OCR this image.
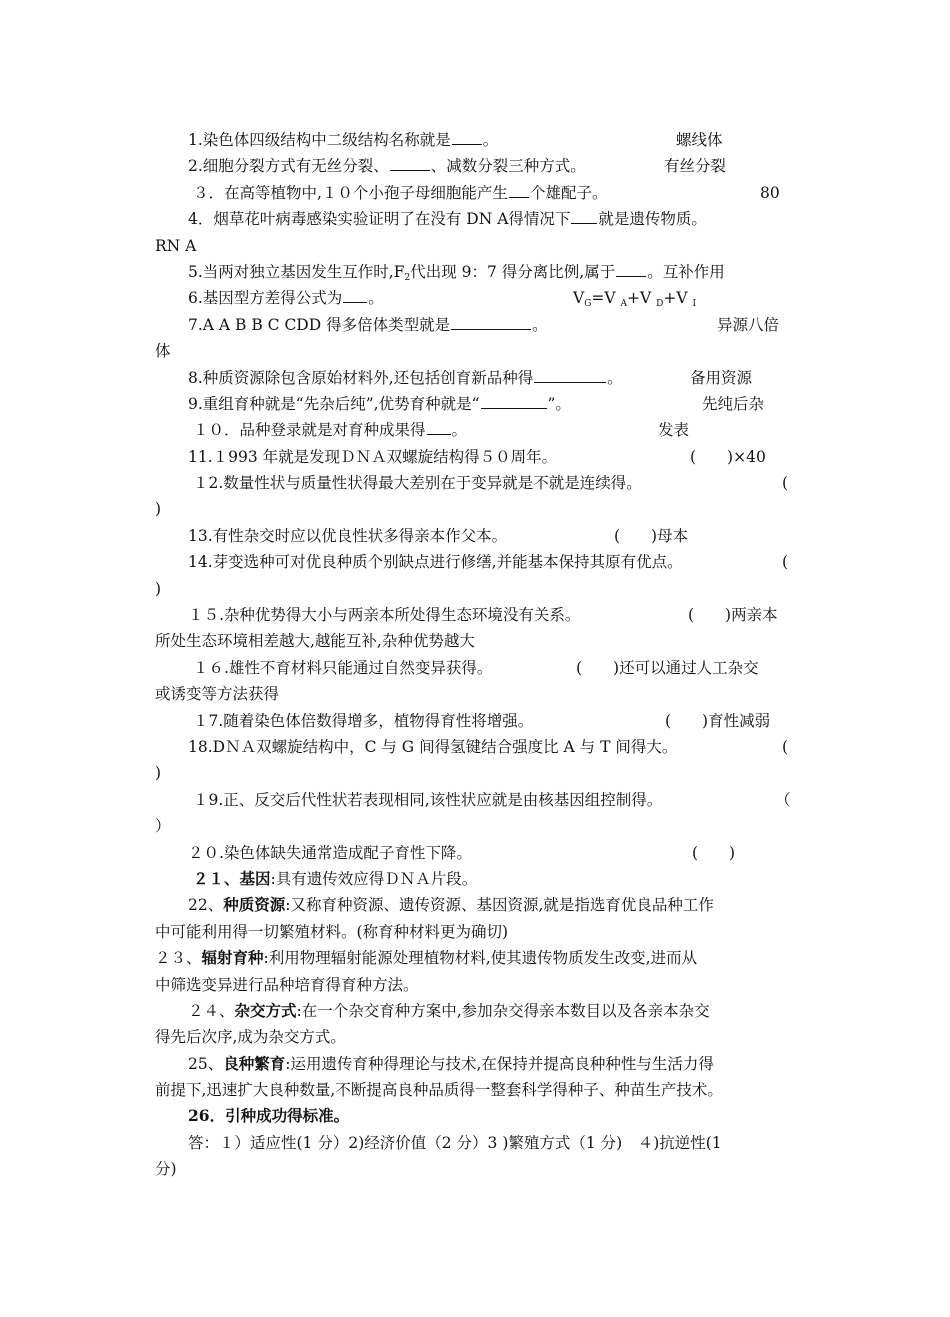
1.染色体四级结构中二级结构名称就是 。	螺线体
2.细胞分裂方式有无丝分裂、	、减数分裂三种方式。	有丝分裂
３．在高等植物中,１０个小孢子母细胞能产生 个雄配子。	80
4．烟草花叶病毒感染实验证明了在没有 DN A得情况下 就是遗传物质。
RN A
5.当两对独立基因发生互作时$,F_2$代出现 9：7 得分离比例,属于 。互补作用
6.基因型方差得公式为 。	$V_G=V$ $_A$+V $_D$+V $_I$
7.A A B B C CDD 得多倍体类型就是	。	异源八倍
体
8.种质资源除包含原始材料外,还包括创育新品种得	。	备用资源
9.重组育种就是“先杂后纯”,优势育种就是“	”。	先纯后杂
１０．品种登录就是对育种成果得 。	发表
11.１993 年就是发现ＤＮＡ双螺旋结构得５０周年。	(　　)×40
１2.数量性状与质量性状得最大差别在于变异就是不就是连续得。	(
)
13.有性杂交时应以优良性状多得亲本作父本。	(　　)母本
14.芽变选种可对优良种质个别缺点进行修缮,并能基本保持其原有优点。	(
)
１５.杂种优势得大小与两亲本所处得生态环境没有关系。	(　　)两亲本
所处生态环境相差越大,越能互补,杂种优势越大
１６.雄性不育材料只能通过自然变异获得。	(　　)还可以通过人工杂交
或诱变等方法获得
１7.随着染色体倍数得增多，植物得育性将增强。	(　　)育性减弱
18.DＮＡ双螺旋结构中，C 与 G 间得氢键结合强度比 A 与 T 间得大。	(
)
１9.正、反交后代性状若表现相同,该性状应就是由核基因组控制得。	（
）
２０.染色体缺失通常造成配子育性下降。	(　　)
２１、基因:具有遗传效应得ＤＮＡ片段。
22、种质资源:又称育种资源、遗传资源、基因资源,就是指选育优良品种工作
中可能利用得一切繁殖材料。(称育种材料更为确切)
２３、辐射育种:利用物理辐射能源处理植物材料,使其遗传物质发生改变,进而从
中筛选变异进行品种培育得育种方法。
２４、杂交方式:在一个杂交育种方案中,参加杂交得亲本数目以及各亲本杂交
得先后次序,成为杂交方式。
25、良种繁育:运用遗传育种得理论与技术,在保持并提高良种种性与生活力得
前提下,迅速扩大良种数量,不断提高良种品质得一整套科学得种子、种苗生产技术。
26．引种成功得标准。
答：１）适应性(1 分）2)经济价值（2 分）3 )繁殖方式（1 分)　４)抗逆性(1
分)
